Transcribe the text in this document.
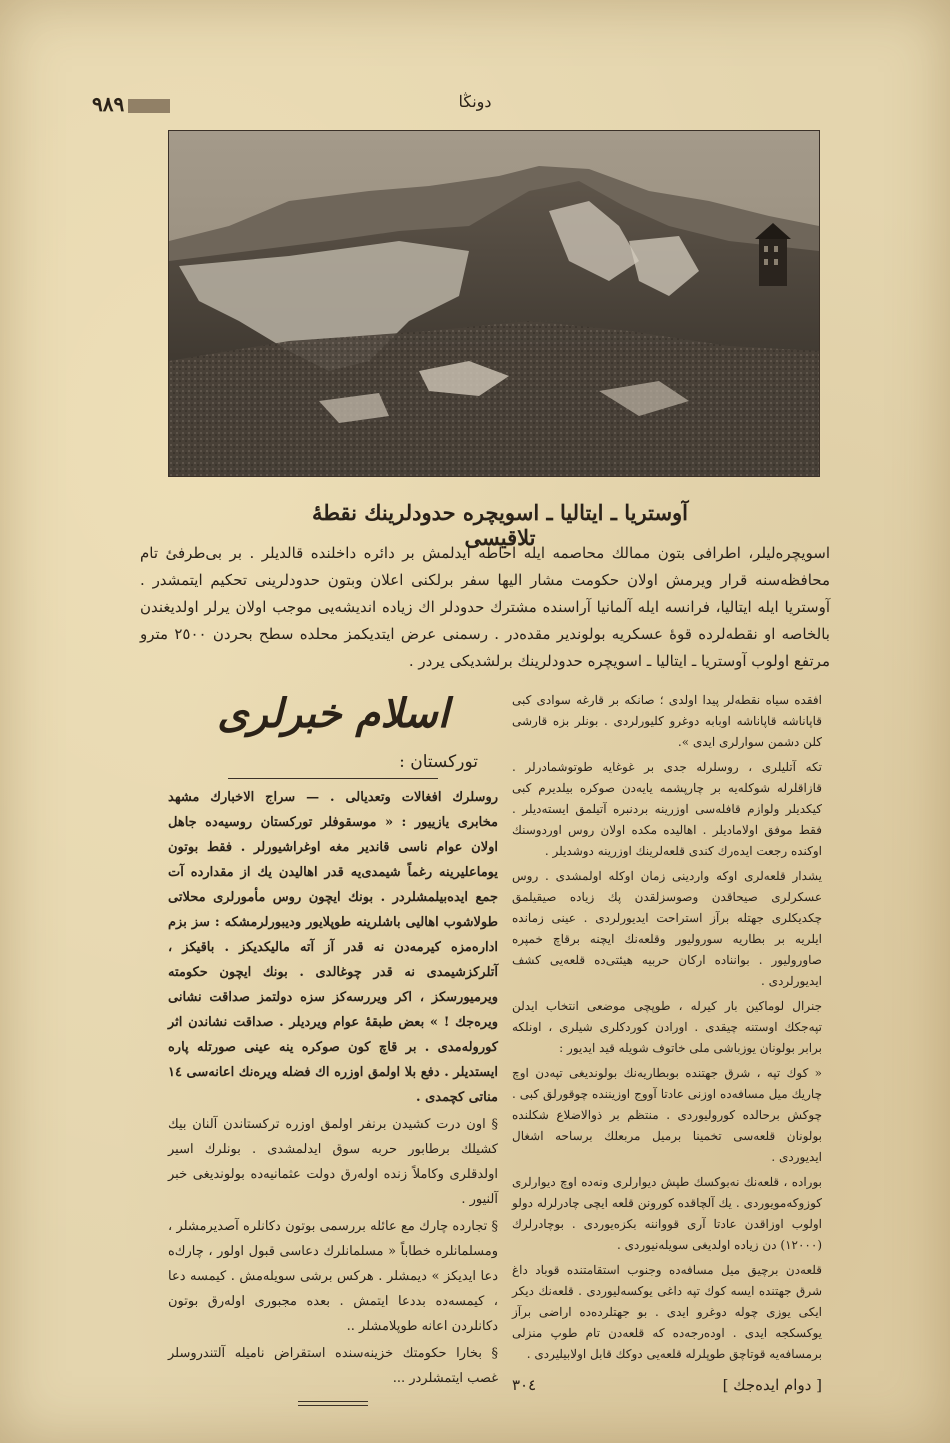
٩٨٩	دونڭا
آوستريا ـ ايتاليا ـ اسويچره حدودلرينك نقطهٔ تلاقيسى

اسويچره‌ليلر، اطرافى بتون ممالك محاصمه ايله احاطه ايدلمش بر دائره داخلنده قالديلر . بر بى‌طرفىٔ تام محافظه‌سنه قرار ويرمش اولان حكومت مشار اليها سفر برلكنى اعلان وبتون حدودلرينى تحكيم ايتمشدر . آوستريا ايله ايتاليا، فرانسه ايله آلمانيا آراسنده مشترك حدودلر اك زياده انديشه‌يى موجب اولان يرلر اولديغندن بالخاصه او نقطه‌لرده قوهٔ عسكريه بولوندير مقده‌در . رسمنى عرض ايتديكمز محلده سطح بحردن ٢٥٠٠ مترو مرتفع اولوب آوستريا ـ ايتاليا ـ اسويچره حدودلرينك برلشديكى يردر .

اسلام خبرلرى
توركستان :

روسلرك افغالات وتعديالى . — سراج الاخبارك مشهد مخابرى يازييور : « موسقوفلر توركستان روسيه‌ده جاهل اولان عوام ناسى قاندير مغه اوغراشيورلر . فقط بوتون يوماعليرينه رغماً شيمدى‌يه قدر اهاليدن يك از مقدارده آت جمع ايده‌بيلمشلردر . بونك ايچون روس مأمورلرى محلاتى طولاشوب اهاليى باشلرينه طوپلايور وديبورلرمشكه : سز بزم اداره‌مزه كيرمه‌دن نه قدر آز آته ماليكديكز . باقيكز ، آتلركزشيمدى نه قدر چوغالدى . بونك ايچون حكومته ويرميورسكز ، اكر ويررسه‌كز سزه دولتمز صداقت نشانى ويره‌جك ! » بعض طبقهٔ عوام ويرديلر . صداقت نشاندن اثر كوروله‌مدى . بر قاچ كون صوكره ينه عينى صورتله پاره ايستديلر . دفع بلا اولمق اوزره اك فضله ويره‌نك اعانه‌سى ١٤ مناتى كچمدى .

§ اون درت كشيدن برنفر اولمق اوزره تركستاندن آلنان بيك كشيلك برطابور حربه سوق ايدلمشدى . بونلرك اسير اولدقلرى وكاملاً زنده اوله‌رق دولت عثمانيه‌ده بولونديغى خبر آلنيور .

§ تجارده چارك مع عائله بررسمى بوتون دكانلره آصديرمشلر ، ومسلمانلره خطاباً « مسلمانلرك دعاسى قبول اولور ، چارك‌ه دعا ايديكز » ديمشلر . هركس برشى سويله‌مش . كيمسه دعا ، كيمسه‌ده بددعا ايتمش . بعده مجبورى اوله‌رق بوتون دكانلردن اعانه طوپلامشلر ..

§ بخارا حكومتك خزينه‌سنده استقراض ناميله آلتندروسلر غصب ايتمشلردر ...

افقده سياه نقطه‌لر پيدا اولدى ؛ صانكه بر قارغه سوادى كبى قاپاناشه قاپاناشه اوبابه دوغرو كليورلردى . بونلر بزه قارشى كلن دشمن سوارلرى ايدى ».

تكه آتليلرى ، روسلرله جدى بر غوغايه طوتوشمادرلر . قازاقلرله شوكله‌يه بر چارپشمه يايه‌دن صوكره بيلديرم كبى كيكديلر ولوازم قافله‌سى اوزرينه بردنبره آتيلمق ايسته‌ديلر . فقط موفق اولاماديلر . اهاليده مكده اولان روس اوردوسنك اوكنده رجعت ايده‌رك كندى قلعه‌لرينك اوزرينه دوشديلر .

يشدار قلعه‌لرى اوكه واردينى زمان اوكله اولمشدى . روس عسكرلرى صيحاقدن وصوسزلقدن پك زياده صيقيلمق چكديكلرى جهتله برآز استراحت ايديورلردى . عينى زمانده ايلريه بر بطاريه سوروليور وقلعه‌نك ايچنه برقاچ خمپره صاوروليور . بوانناده اركان حربيه هيئتى‌ده قلعه‌يى كشف ايديورلردى .

جنرال لوماكين بار كيرله ، طوپچى موضعى انتخاب ايدلن تپه‌جكك اوستنه چيقدى . اورادن كوردكلرى شيلرى ، اونلكه برابر بولونان يوزباشى ملى خاتوف شويله قيد ايديور :

« كوك تپه ، شرق جهتنده بوبطاريه‌نك بولونديغى تپه‌دن اوچ چاريك ميل مسافه‌ده اوزنى عادتا آووج اوزيننده چوقورلق كبى . چوكش برحالده كوروليوردى . منتظم بر ذوالاضلاع شكلنده بولونان قلعه‌سى تخمينا برميل مربعلك برساحه اشغال ايديوردى .

بوراده ، قلعه‌نك نه‌بوكسك طپش ديوارلرى ونه‌ده اوچ ديوارلرى كوزوكه‌مويوردى . يك آلچاقده كورونن قلعه ايچى چادرلرله دولو اولوب اوزاقدن عادتا آرى قوواننه بكزه‌يوردى . بوچادرلرك (١٢٠٠٠) دن زياده اولديغى سويله‌نيوردى .

قلعه‌دن برچيق ميل مسافه‌ده وجنوب استقامتنده قوباد داغ شرق جهتنده ايسه كوك تپه داغى يوكسه‌ليوردى . قلعه‌نك ديكر ايكى يوزى چوله دوغرو ايدى . بو جهتلرده‌ده اراضى برآز يوكسكجه ايدى . اوده‌رجه‌ده كه قلعه‌دن تام طوپ منزلى برمسافه‌يه قوتاچق طوپلرله قلعه‌يى دوكك قابل اولابيليردى .

[ دوام ايده‌جك ]
٣٠٤
